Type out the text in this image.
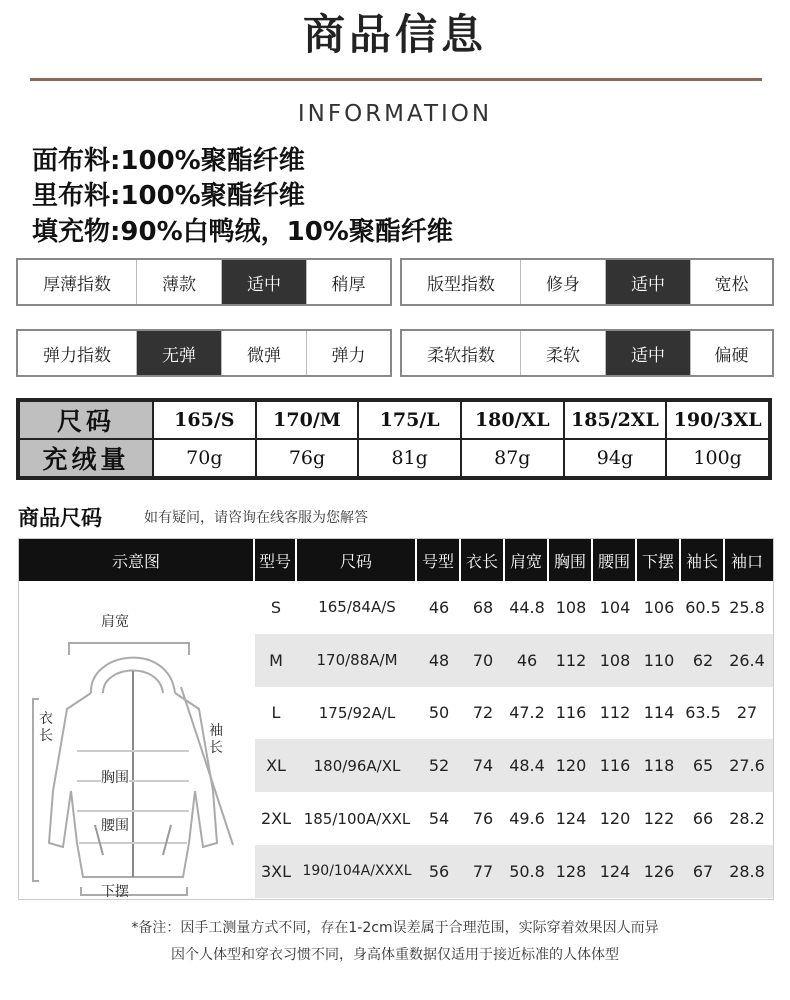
商品信息
INFORMATION
面布料:100%聚酯纤维
里布料:100%聚酯纤维
填充物:90%白鸭绒，10%聚酯纤维
厚薄指数	薄款	适中	稍厚	版型指数	修身	适中	宽松
弹力指数	无弹	微弹	弹力	柔软指数	柔软	适中	偏硬
尺码	165/S	170/M	175/L	180/XL	185/2XL	190/3XL
充绒量	70g	76g	81g	87g	94g	100g
商品尺码	如有疑问，请咨询在线客服为您解答
示意图	型号	尺码	号型 衣长 肩宽 胸围 腰围 下摆 袖长 袖口
肩宽
衣长	袖长
胸围
腰围
下摆
S	165/84A/S	46	68	44.8 108 104 106 60.5 25.8
M	170/88A/M	48	70	46	112 108 110	62	26.4
L	175/92A/L	50	72	47.2 116 112 114 63.5	27
XL	180/96A/XL	52	74	48.4 120 116 118	65	27.6
2XL 185/100A/XXL	54	76	49.6 124 120 122	66	28.2
3XL 190/104A/XXXL	56	77	50.8 128 124 126	67	28.8
*备注：因手工测量方式不同，存在1-2cm误差属于合理范围，实际穿着效果因人而异
因个人体型和穿衣习惯不同，身高体重数据仅适用于接近标准的人体体型
